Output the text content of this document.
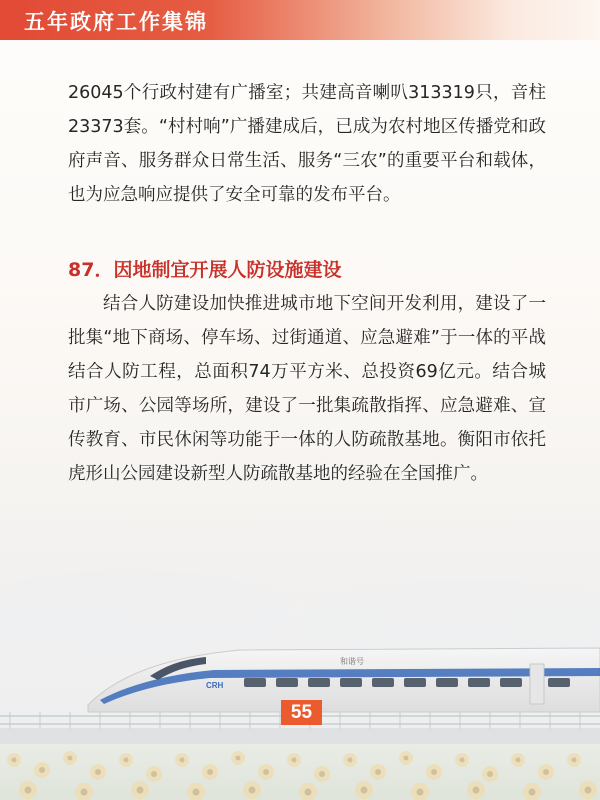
五年政府工作集锦

26045个行政村建有广播室；共建高音喇叭313319只，音柱23373套。“村村响”广播建成后，已成为农村地区传播党和政府声音、服务群众日常生活、服务“三农”的重要平台和载体，也为应急响应提供了安全可靠的发布平台。

87．因地制宜开展人防设施建设

结合人防建设加快推进城市地下空间开发利用，建设了一批集“地下商场、停车场、过街通道、应急避难”于一体的平战结合人防工程，总面积74万平方米、总投资69亿元。结合城市广场、公园等场所，建设了一批集疏散指挥、应急避难、宣传教育、市民休闲等功能于一体的人防疏散基地。衡阳市依托虎形山公园建设新型人防疏散基地的经验在全国推广。

CRH
和谐号
55
